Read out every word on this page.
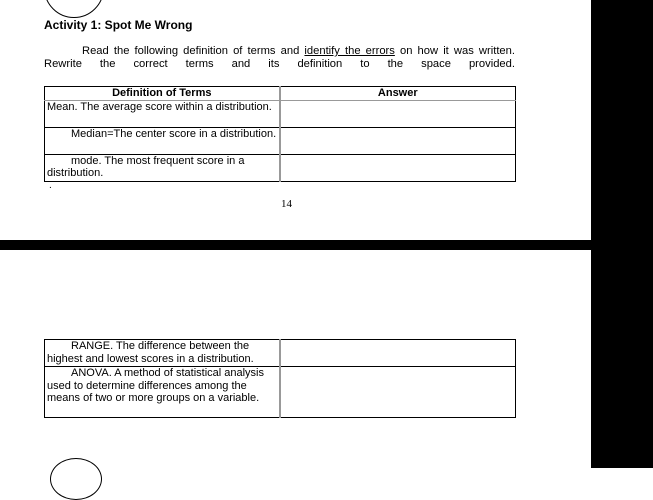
Activity 1: Spot Me Wrong
Read the following definition of terms and identify the errors on how it was written. Rewrite the correct terms and its definition to the space provided.
Definition of Terms	Answer
Mean. The average score within a distribution.	
Median=The center score in a distribution.	
mode. The most frequent score in a distribution.	
.
14
RANGE. The difference between the highest and lowest scores in a distribution.	
ANOVA. A method of statistical analysis used to determine differences among the means of two or more groups on a variable.	
